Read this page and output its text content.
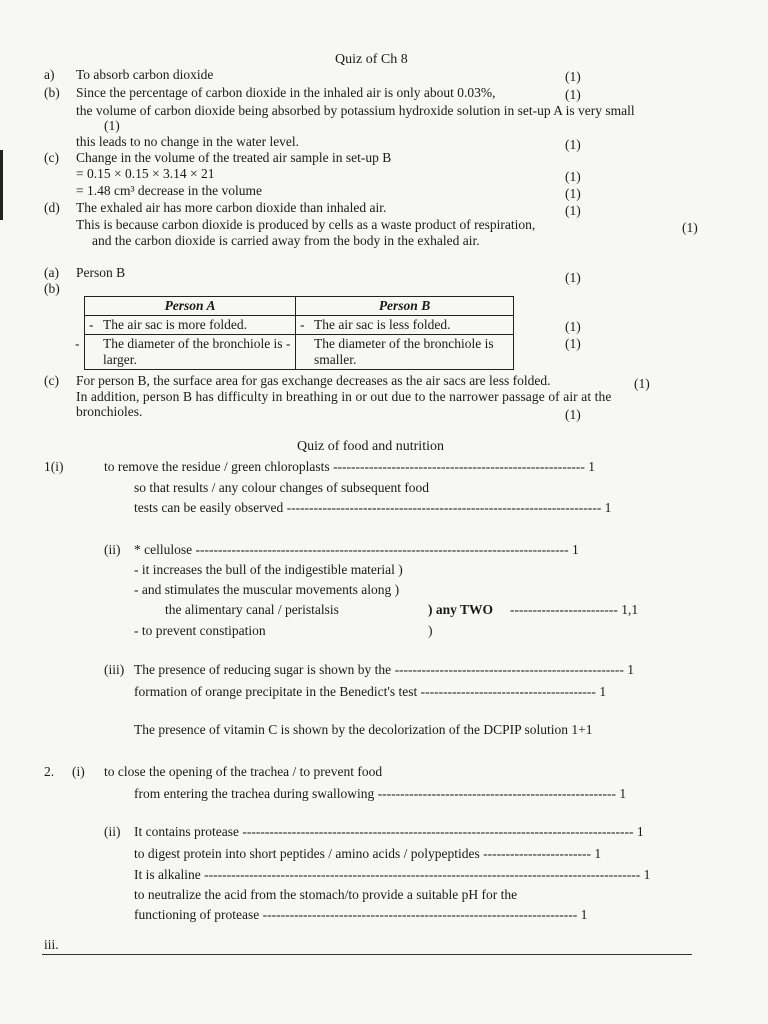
Quiz of Ch 8
a) To absorb carbon dioxide	(1)
(b) Since the percentage of carbon dioxide in the inhaled air is only about 0.03%,	(1)
the volume of carbon dioxide being absorbed by potassium hydroxide solution in set-up A is very small
(1)
this leads to no change in the water level.	(1)
(c) Change in the volume of the treated air sample in set-up B
= 0.15 × 0.15 × 3.14 × 21	(1)
= 1.48 cm³ decrease in the volume	(1)
(d) The exhaled air has more carbon dioxide than inhaled air.	(1)
This is because carbon dioxide is produced by cells as a waste product of respiration,	(1)
and the carbon dioxide is carried away from the body in the exhaled air.
(a) Person B	(1)
(b)
Person A	Person B
- The air sac is more folded.	- The air sac is less folded.
- The diameter of the bronchiole is larger.	- The diameter of the bronchiole is smaller.
(1)
(1)
(c) For person B, the surface area for gas exchange decreases as the air sacs are less folded.	(1)
In addition, person B has difficulty in breathing in or out due to the narrower passage of air at the
bronchioles.	(1)
Quiz of food and nutrition
1(i)	to remove the residue / green chloroplasts -------------------------------------------------------- 1
so that results / any colour changes of subsequent food
tests can be easily observed ---------------------------------------------------------------------- 1
(ii) * cellulose ----------------------------------------------------------------------------------- 1
- it increases the bull of the indigestible material )
- and stimulates the muscular movements along )
the alimentary canal / peristalsis	) any TWO ------------------------ 1,1
- to prevent constipation	)
(iii) The presence of reducing sugar is shown by the --------------------------------------------------- 1
formation of orange precipitate in the Benedict's test --------------------------------------- 1
The presence of vitamin C is shown by the decolorization of the DCPIP solution 1+1
2. (i) to close the opening of the trachea / to prevent food
from entering the trachea during swallowing ----------------------------------------------------- 1
(ii) It contains protease --------------------------------------------------------------------------------------- 1
to digest protein into short peptides / amino acids / polypeptides ------------------------ 1
It is alkaline ------------------------------------------------------------------------------------------------- 1
to neutralize the acid from the stomach/to provide a suitable pH for the
functioning of protease ---------------------------------------------------------------------- 1
iii.
